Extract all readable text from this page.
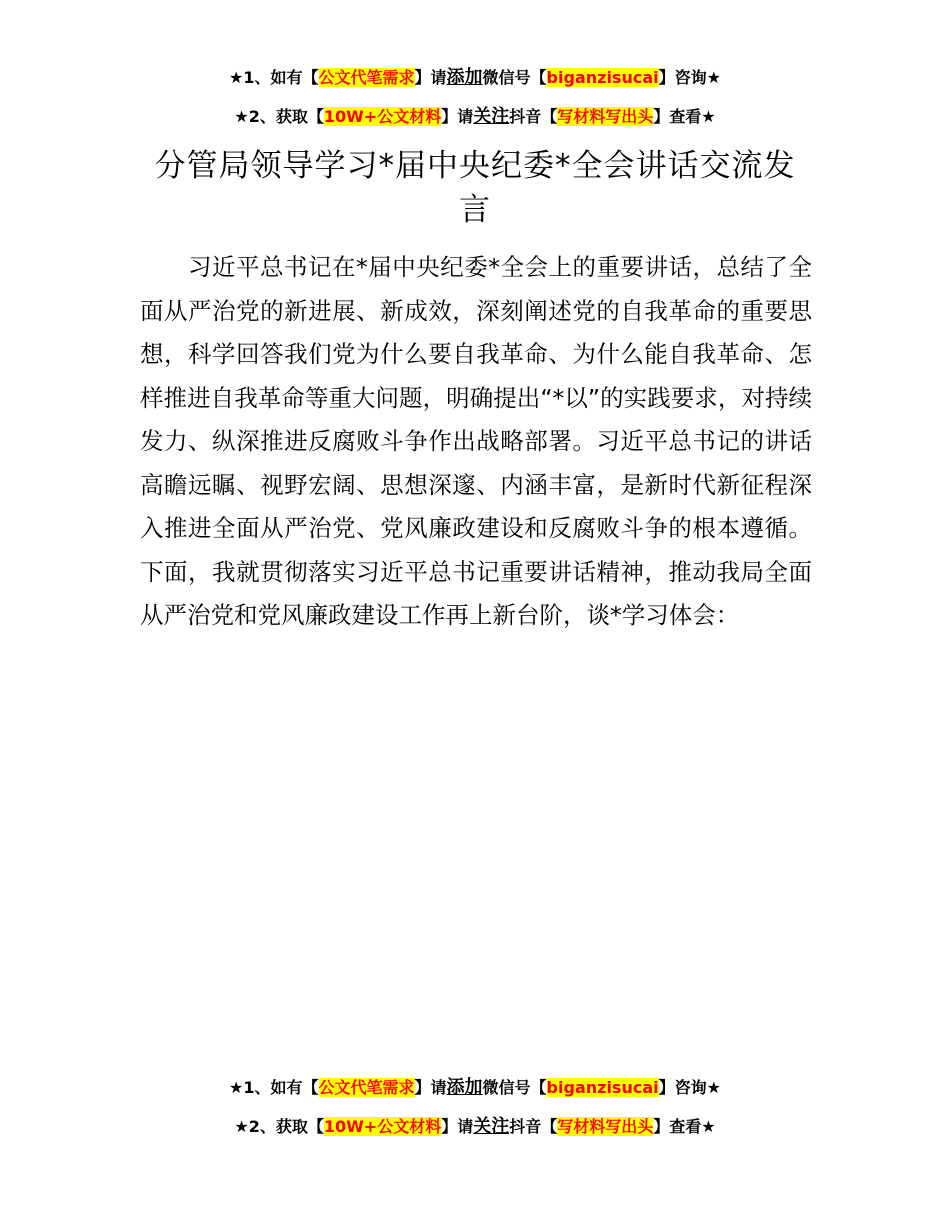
★1、如有【公文代笔需求】请添加微信号【biganzisucai】咨询★
★2、获取【10W+公文材料】请关注抖音【写材料写出头】查看★
分管局领导学习*届中央纪委*全会讲话交流发言

习近平总书记在*届中央纪委*全会上的重要讲话，总结了全面从严治党的新进展、新成效，深刻阐述党的自我革命的重要思想，科学回答我们党为什么要自我革命、为什么能自我革命、怎样推进自我革命等重大问题，明确提出“*以”的实践要求，对持续发力、纵深推进反腐败斗争作出战略部署。习近平总书记的讲话高瞻远瞩、视野宏阔、思想深邃、内涵丰富，是新时代新征程深入推进全面从严治党、党风廉政建设和反腐败斗争的根本遵循。下面，我就贯彻落实习近平总书记重要讲话精神，推动我局全面从严治党和党风廉政建设工作再上新台阶，谈*学习体会：

★1、如有【公文代笔需求】请添加微信号【biganzisucai】咨询★
★2、获取【10W+公文材料】请关注抖音【写材料写出头】查看★
